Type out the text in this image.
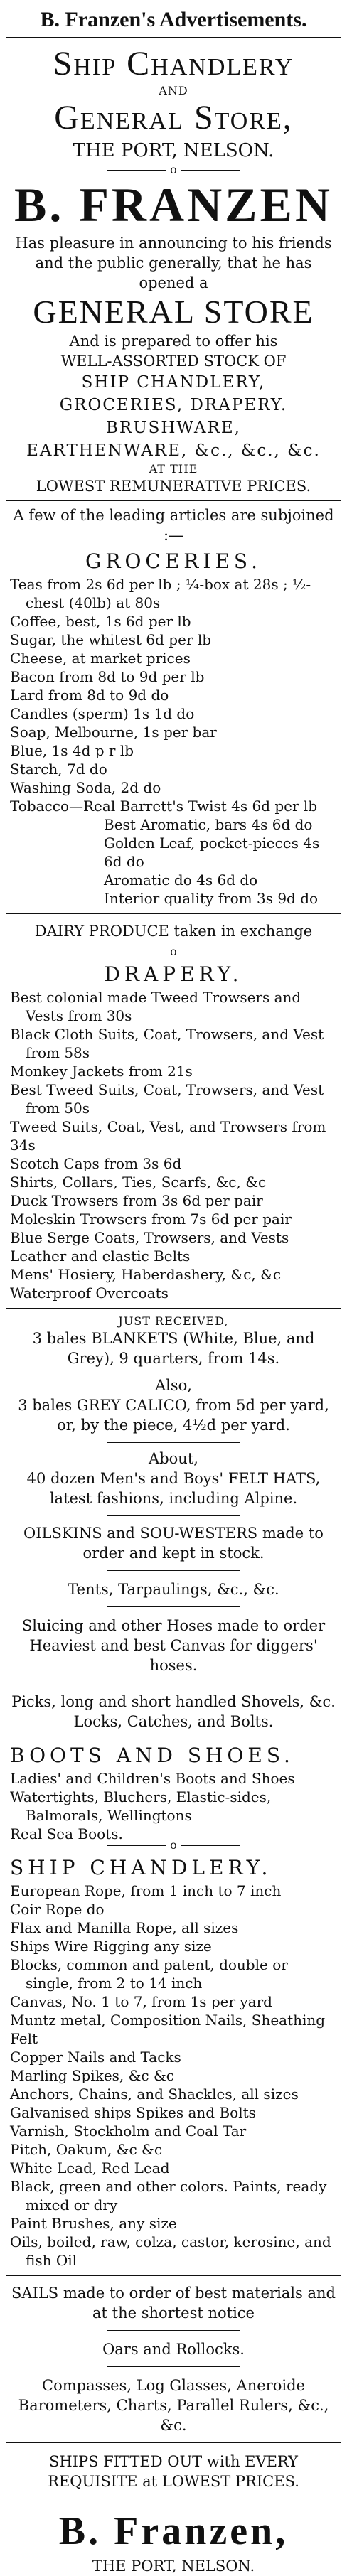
B. Franzen's Advertisements.
Ship Chandlery
AND
General Store,
THE PORT, NELSON.
o
B. FRANZEN
Has pleasure in announcing to his friends and the public generally, that he has opened a
GENERAL STORE
And is prepared to offer his
WELL-ASSORTED STOCK OF
SHIP CHANDLERY,
GROCERIES, DRAPERY.
BRUSHWARE,
EARTHENWARE, &c., &c., &c.
AT THE
LOWEST REMUNERATIVE PRICES.
A few of the leading articles are subjoined :—
GROCERIES.
Teas from 2s 6d per lb ; ¼-box at 28s ; ½-chest (40lb) at 80s
Coffee, best, 1s 6d per lb
Sugar, the whitest 6d per lb
Cheese, at market prices
Bacon from 8d to 9d per lb
Lard from 8d to 9d do
Candles (sperm) 1s 1d do
Soap, Melbourne, 1s per bar
Blue, 1s 4d p r lb
Starch, 7d do
Washing Soda, 2d do
Tobacco—Real Barrett's Twist 4s 6d per lb
Best Aromatic, bars 4s 6d do
Golden Leaf, pocket-pieces 4s 6d do
Aromatic do 4s 6d do
Interior quality from 3s 9d do
DAIRY PRODUCE taken in exchange
o
DRAPERY.
Best colonial made Tweed Trowsers and Vests from 30s
Black Cloth Suits, Coat, Trowsers, and Vest from 58s
Monkey Jackets from 21s
Best Tweed Suits, Coat, Trowsers, and Vest from 50s
Tweed Suits, Coat, Vest, and Trowsers from 34s
Scotch Caps from 3s 6d
Shirts, Collars, Ties, Scarfs, &c, &c
Duck Trowsers from 3s 6d per pair
Moleskin Trowsers from 7s 6d per pair
Blue Serge Coats, Trowsers, and Vests
Leather and elastic Belts
Mens' Hosiery, Haberdashery, &c, &c
Waterproof Overcoats
JUST RECEIVED,
3 bales BLANKETS (White, Blue, and Grey), 9 quarters, from 14s.
Also,
3 bales GREY CALICO, from 5d per yard, or, by the piece, 4½d per yard.
About,
40 dozen Men's and Boys' FELT HATS, latest fashions, including Alpine.
OILSKINS and SOU-WESTERS made to order and kept in stock.
Tents, Tarpaulings, &c., &c.
Sluicing and other Hoses made to order Heaviest and best Canvas for diggers' hoses.
Picks, long and short handled Shovels, &c. Locks, Catches, and Bolts.
BOOTS AND SHOES.
Ladies' and Children's Boots and Shoes
Watertights, Bluchers, Elastic-sides, Balmorals, Wellingtons
Real Sea Boots.
o
SHIP CHANDLERY.
European Rope, from 1 inch to 7 inch
Coir Rope do
Flax and Manilla Rope, all sizes
Ships Wire Rigging any size
Blocks, common and patent, double or single, from 2 to 14 inch
Canvas, No. 1 to 7, from 1s per yard
Muntz metal, Composition Nails, Sheathing Felt
Copper Nails and Tacks
Marling Spikes, &c &c
Anchors, Chains, and Shackles, all sizes
Galvanised ships Spikes and Bolts
Varnish, Stockholm and Coal Tar
Pitch, Oakum, &c &c
White Lead, Red Lead
Black, green and other colors. Paints, ready mixed or dry
Paint Brushes, any size
Oils, boiled, raw, colza, castor, kerosine, and fish Oil
SAILS made to order of best materials and at the shortest notice
Oars and Rollocks.
Compasses, Log Glasses, Aneroide Barometers, Charts, Parallel Rulers, &c., &c.
SHIPS FITTED OUT with EVERY REQUISITE at LOWEST PRICES.
B. Franzen,
THE PORT, NELSON.
